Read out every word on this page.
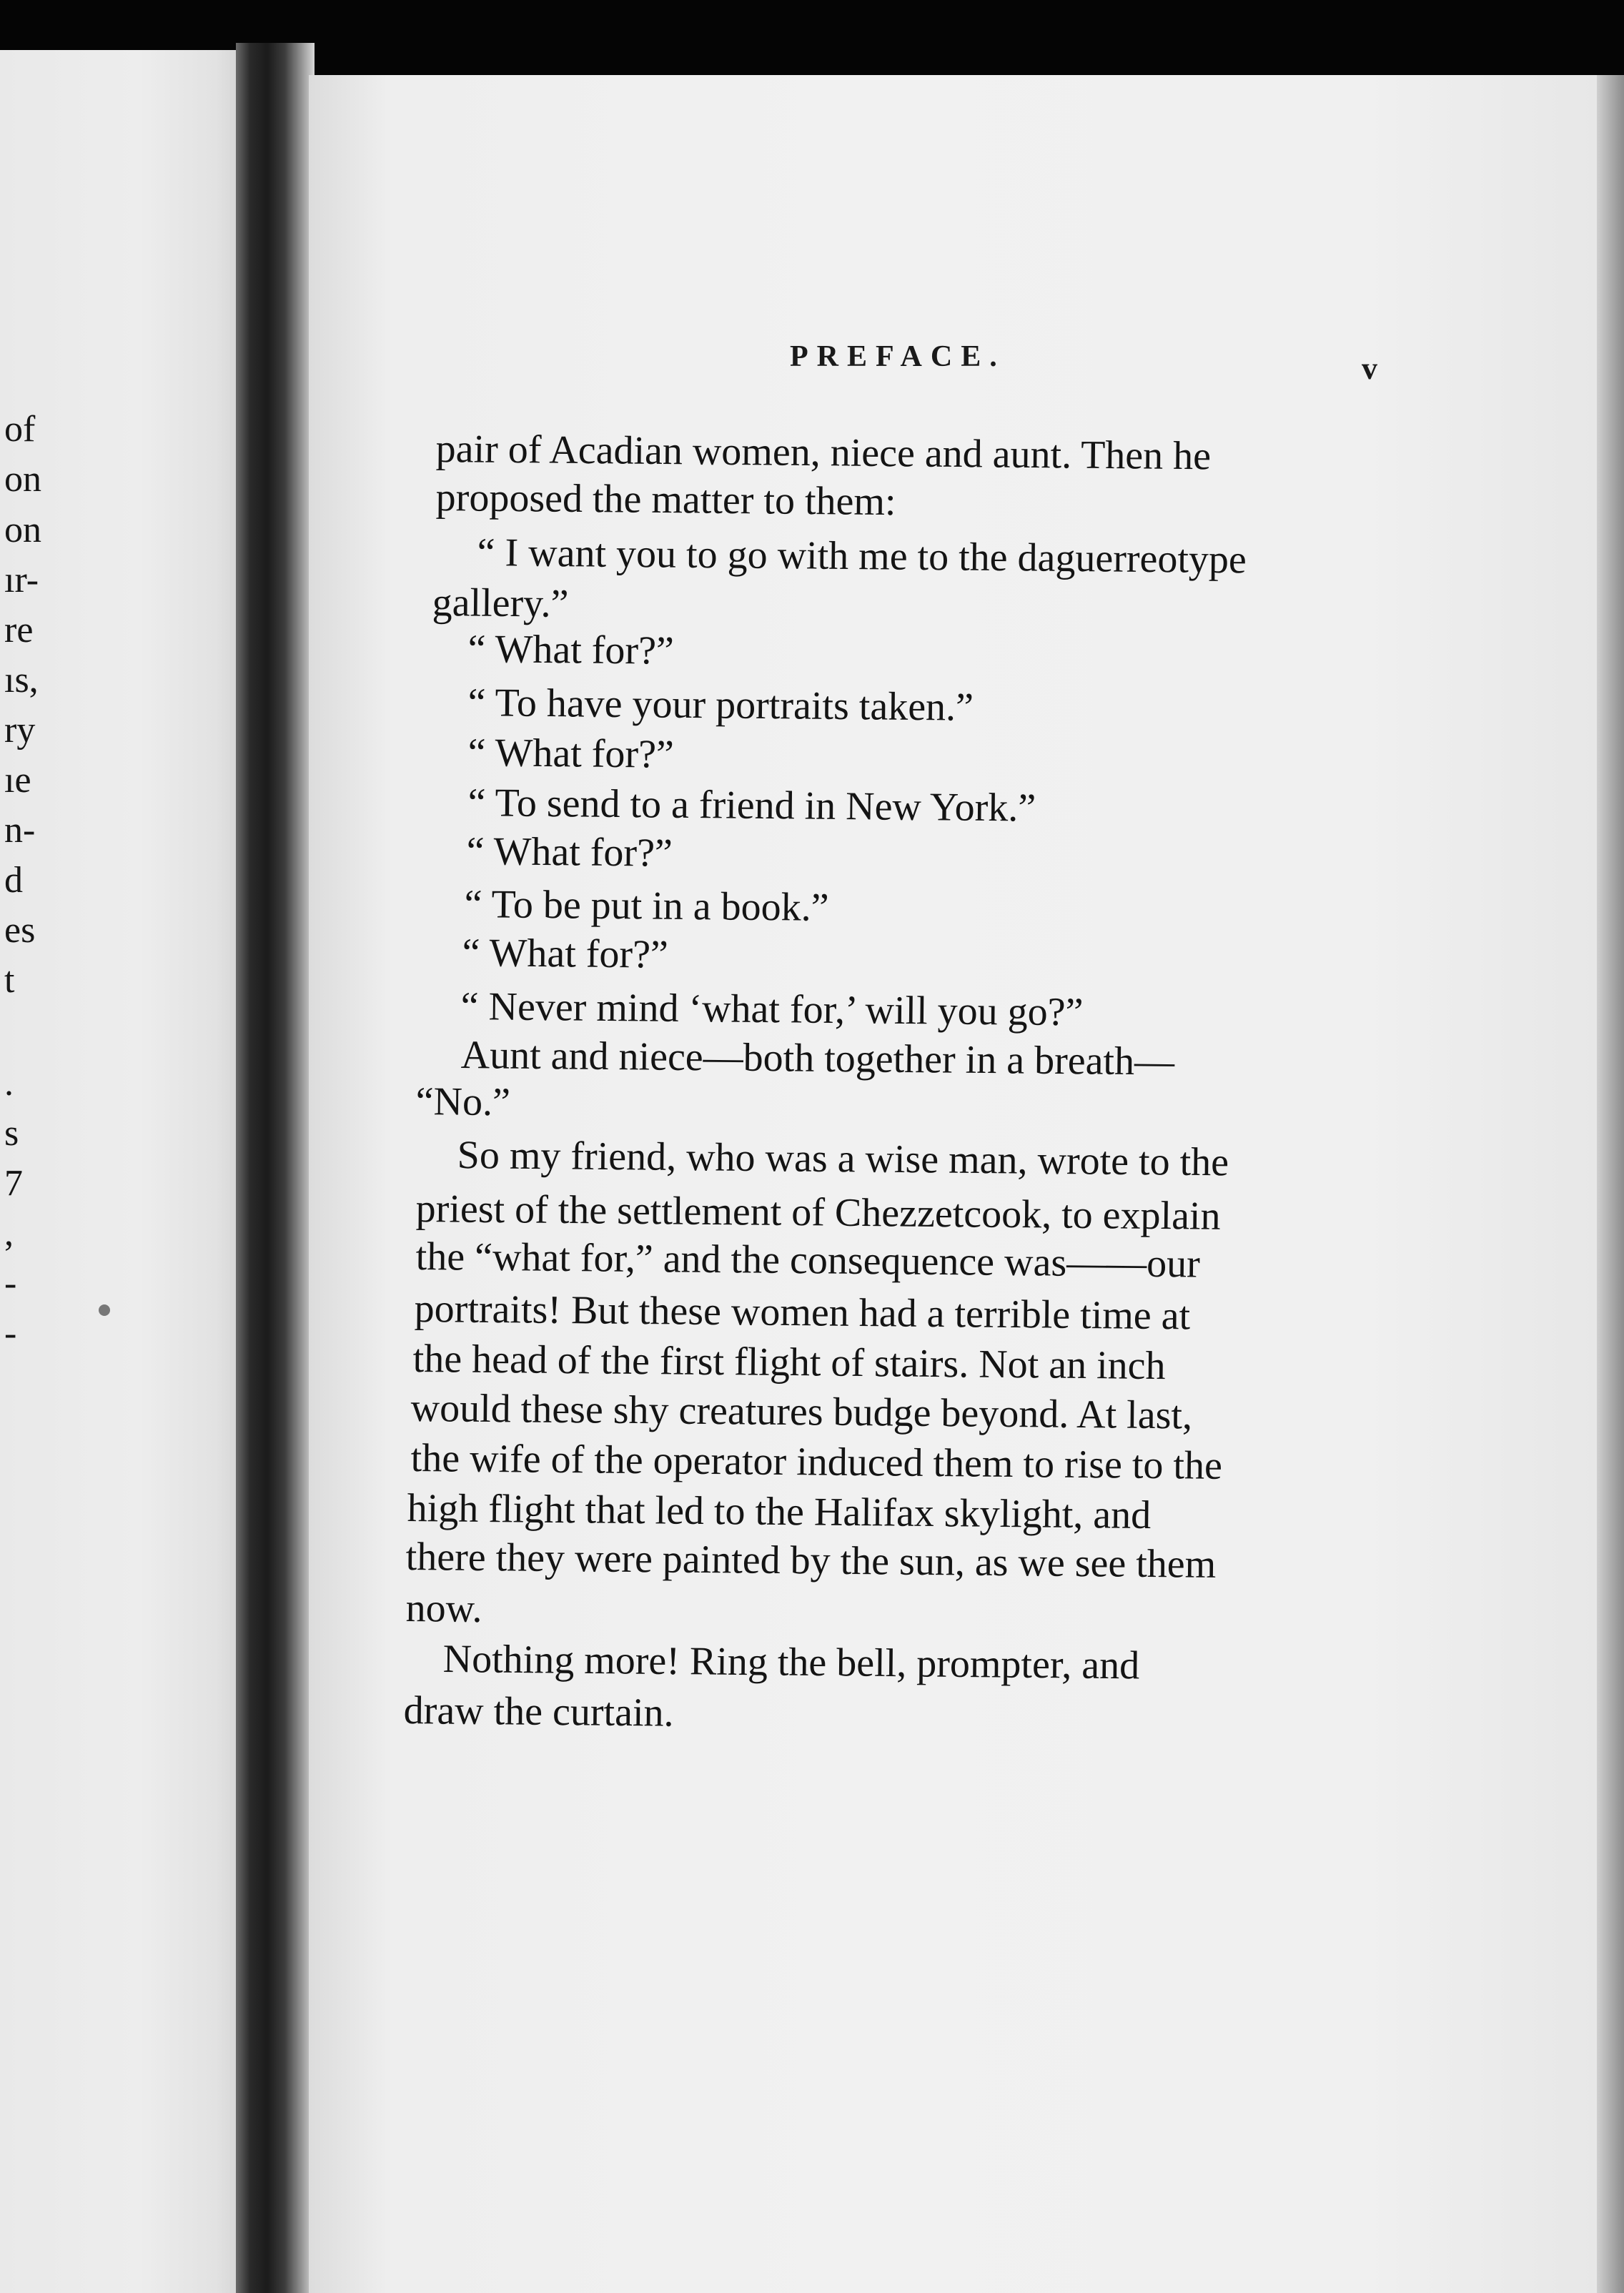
of
on
on
ır-
re
ıs,
ry
ıe
n-
d
es
t
.
s
7
,
-
-
PREFACE.	v
pair of Acadian women, niece and aunt. Then he
proposed the matter to them:
“ I want you to go with me to the daguerreotype
gallery.”
“ What for?”
“ To have your portraits taken.”
“ What for?”
“ To send to a friend in New York.”
“ What for?”
“ To be put in a book.”
“ What for?”
“ Never mind ‘what for,’ will you go?”
Aunt and niece—both together in a breath—
“No.”
So my friend, who was a wise man, wrote to the
priest of the settlement of Chezzetcook, to explain
the “what for,” and the consequence was——our
portraits! But these women had a terrible time at
the head of the first flight of stairs. Not an inch
would these shy creatures budge beyond. At last,
the wife of the operator induced them to rise to the
high flight that led to the Halifax skylight, and
there they were painted by the sun, as we see them
now.
Nothing more! Ring the bell, prompter, and
draw the curtain.
